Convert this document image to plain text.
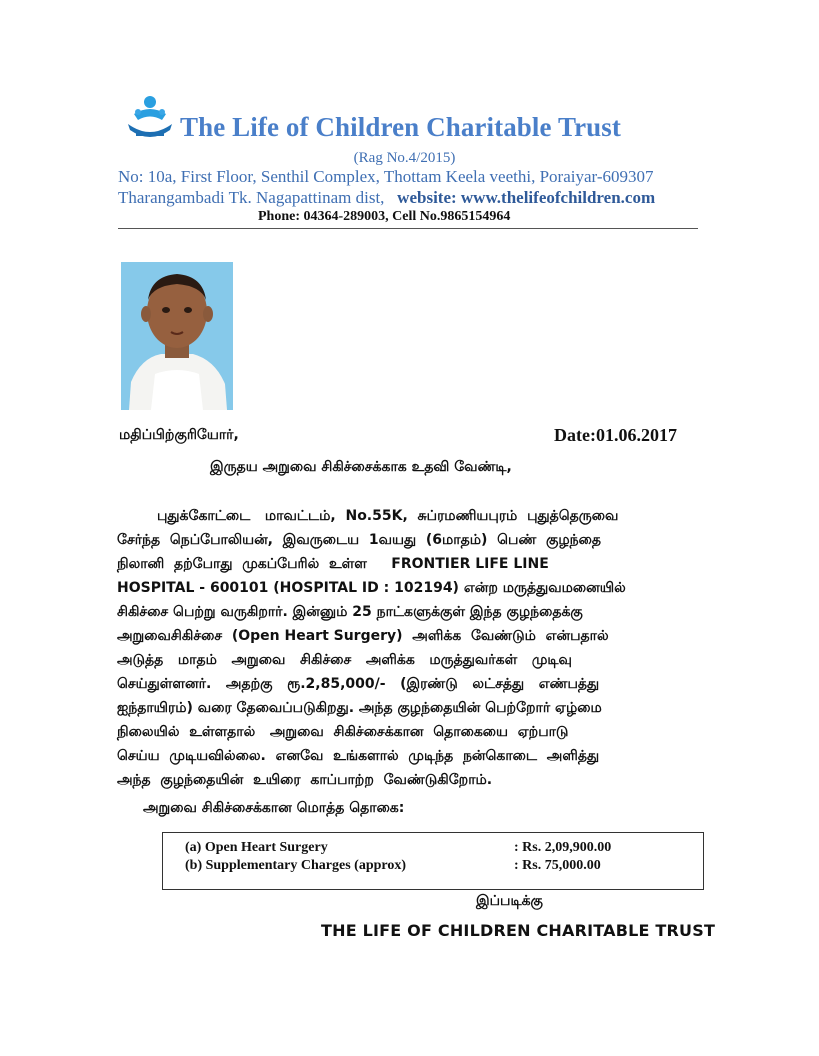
The Life of Children Charitable Trust
(Rag No.4/2015)
No: 10a, First Floor, Senthil Complex, Thottam Keela veethi, Poraiyar-609307
Tharangambadi Tk. Nagapattinam dist, website: www.thelifeofchildren.com
Phone: 04364-289003, Cell No.9865154964
மதிப்பிற்குரியோர்,	Date:01.06.2017
இருதய அறுவை சிகிச்சைக்காக உதவி வேண்டி,
புதுக்கோட்டை   மாவட்டம்,  No.55K,  சுப்ரமணியபுரம்  புதுத்தெருவை
சேர்ந்த  நெப்போலியன்,  இவருடைய  1வயது  (6மாதம்)  பெண்  குழந்தை
நிலானி  தற்போது  முகப்பேரில்  உள்ள     FRONTIER LIFE LINE
HOSPITAL - 600101 (HOSPITAL ID : 102194) என்ற மருத்துவமனையில்
சிகிச்சை பெற்று வருகிறார். இன்னும் 25 நாட்களுக்குள் இந்த குழந்தைக்கு
அறுவைசிகிச்சை  (Open Heart Surgery)  அளிக்க  வேண்டும்  என்பதால்
அடுத்த   மாதம்   அறுவை   சிகிச்சை   அளிக்க   மருத்துவர்கள்   முடிவு
செய்துள்ளனர்.   அதற்கு   ரூ.2,85,000/-   (இரண்டு   லட்சத்து   எண்பத்து
ஐந்தாயிரம்) வரை தேவைப்படுகிறது. அந்த குழந்தையின் பெற்றோர் ஏழ்மை
நிலையில்  உள்ளதால்   அறுவை  சிகிச்சைக்கான  தொகையை  ஏற்பாடு
செய்ய  முடியவில்லை.  எனவே  உங்களால்  முடிந்த  நன்கொடை  அளித்து
அந்த  குழந்தையின்  உயிரை  காப்பாற்ற  வேண்டுகிறோம்.
அறுவை சிகிச்சைக்கான மொத்த தொகை:
(a) Open Heart Surgery	: Rs. 2,09,900.00
(b) Supplementary Charges (approx)	: Rs. 75,000.00
இப்படிக்கு
THE LIFE OF CHILDREN CHARITABLE TRUST
